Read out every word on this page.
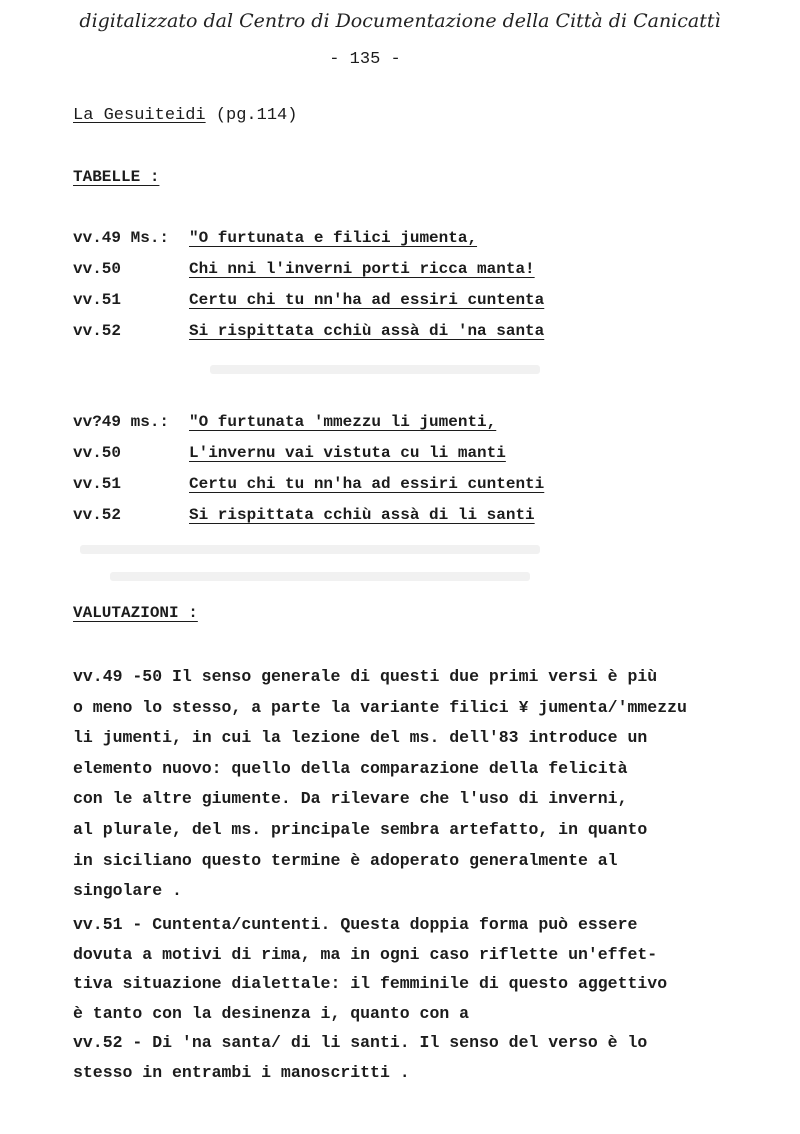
digitalizzato dal Centro di Documentazione della Città di Canicattì
- 135 -
La Gesuiteidi (pg.114)
TABELLE :
vv.49 Ms.: "O furtunata e filici jumenta,
vv.50	Chi nni l'inverni porti ricca manta!
vv.51	Certu chi tu nn'ha ad essiri cuntenta
vv.52	Si rispittata cchiù assà di 'na santa
vv?49 ms.: "O furtunata 'mmezzu li jumenti,
vv.50	L'invernu vai vistuta cu li manti
vv.51	Certu chi tu nn'ha ad essiri cuntenti
vv.52	Si rispittata cchiù assà di li santi
VALUTAZIONI :

vv.49 -50 Il senso generale di questi due primi versi è più

o meno lo stesso, a parte la variante filici ¥ jumenta/'mmezzu

li jumenti, in cui la lezione del ms. dell'83 introduce un

elemento nuovo: quello della comparazione della felicità

con le altre giumente. Da rilevare che l'uso di inverni,

al plurale, del ms. principale sembra artefatto, in quanto

in siciliano questo termine è adoperato generalmente al

singolare .

vv.51 - Cuntenta/cuntenti. Questa doppia forma può essere

dovuta a motivi di rima, ma in ogni caso riflette un'effet-

tiva situazione dialettale: il femminile di questo aggettivo

è tanto con la desinenza i, quanto con a

vv.52 - Di 'na santa/ di li santi. Il senso del verso è lo

stesso in entrambi i manoscritti .
